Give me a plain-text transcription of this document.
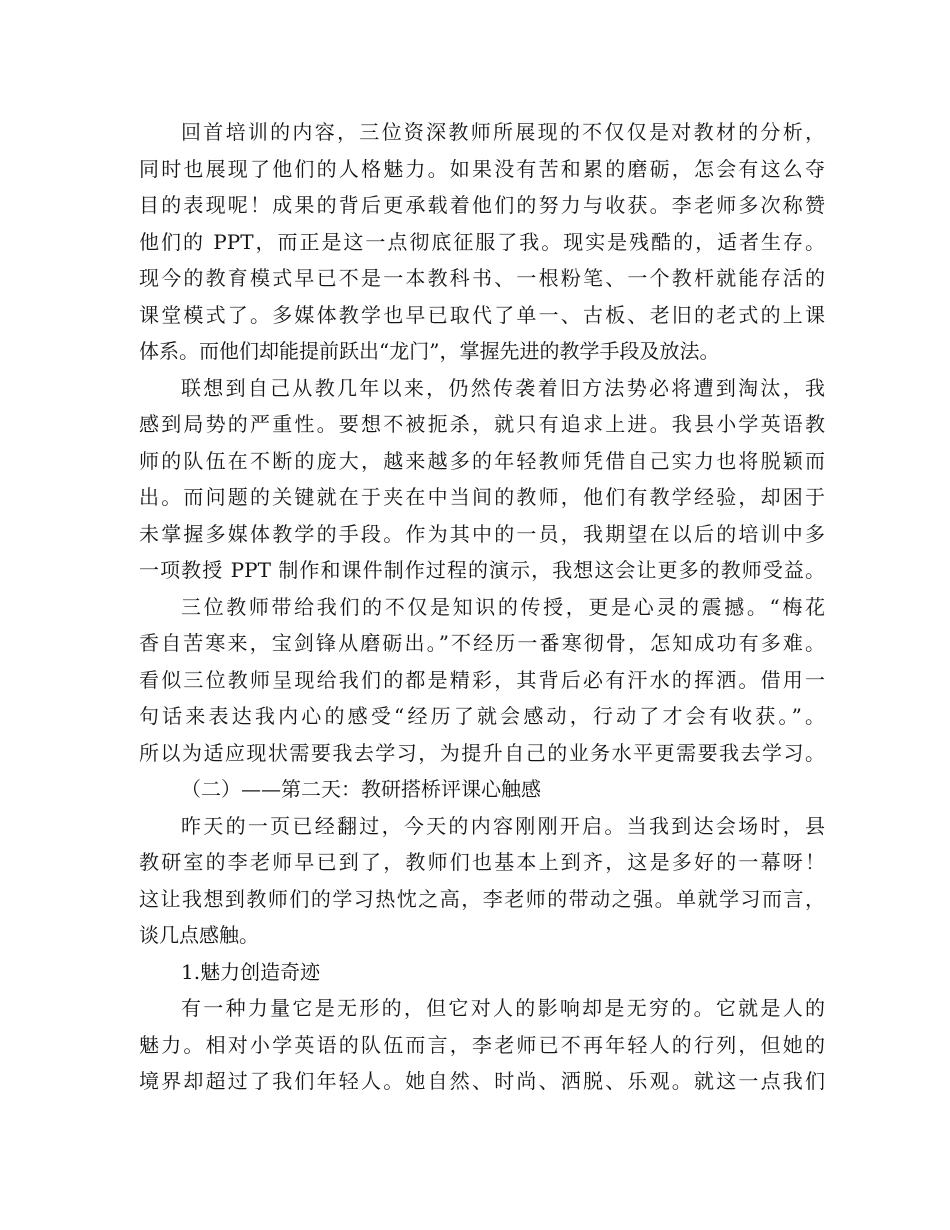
回首培训的内容，三位资深教师所展现的不仅仅是对教材的分析，
同时也展现了他们的人格魅力。如果没有苦和累的磨砺，怎会有这么夺
目的表现呢！成果的背后更承载着他们的努力与收获。李老师多次称赞
他们的 PPT，而正是这一点彻底征服了我。现实是残酷的，适者生存。
现今的教育模式早已不是一本教科书、一根粉笔、一个教杆就能存活的
课堂模式了。多媒体教学也早已取代了单一、古板、老旧的老式的上课
体系。而他们却能提前跃出“龙门”，掌握先进的教学手段及放法。
联想到自己从教几年以来，仍然传袭着旧方法势必将遭到淘汰，我
感到局势的严重性。要想不被扼杀，就只有追求上进。我县小学英语教
师的队伍在不断的庞大，越来越多的年轻教师凭借自己实力也将脱颖而
出。而问题的关键就在于夹在中当间的教师，他们有教学经验，却困于
未掌握多媒体教学的手段。作为其中的一员，我期望在以后的培训中多
一项教授 PPT 制作和课件制作过程的演示，我想这会让更多的教师受益。
三位教师带给我们的不仅是知识的传授，更是心灵的震撼。“梅花
香自苦寒来，宝剑锋从磨砺出。”不经历一番寒彻骨，怎知成功有多难。
看似三位教师呈现给我们的都是精彩，其背后必有汗水的挥洒。借用一
句话来表达我内心的感受“经历了就会感动，行动了才会有收获。”。
所以为适应现状需要我去学习，为提升自己的业务水平更需要我去学习。
（二）——第二天：教研搭桥评课心触感
昨天的一页已经翻过，今天的内容刚刚开启。当我到达会场时，县
教研室的李老师早已到了，教师们也基本上到齐，这是多好的一幕呀！
这让我想到教师们的学习热忱之高，李老师的带动之强。单就学习而言，
谈几点感触。
1.魅力创造奇迹
有一种力量它是无形的，但它对人的影响却是无穷的。它就是人的
魅力。相对小学英语的队伍而言，李老师已不再年轻人的行列，但她的
境界却超过了我们年轻人。她自然、时尚、洒脱、乐观。就这一点我们
